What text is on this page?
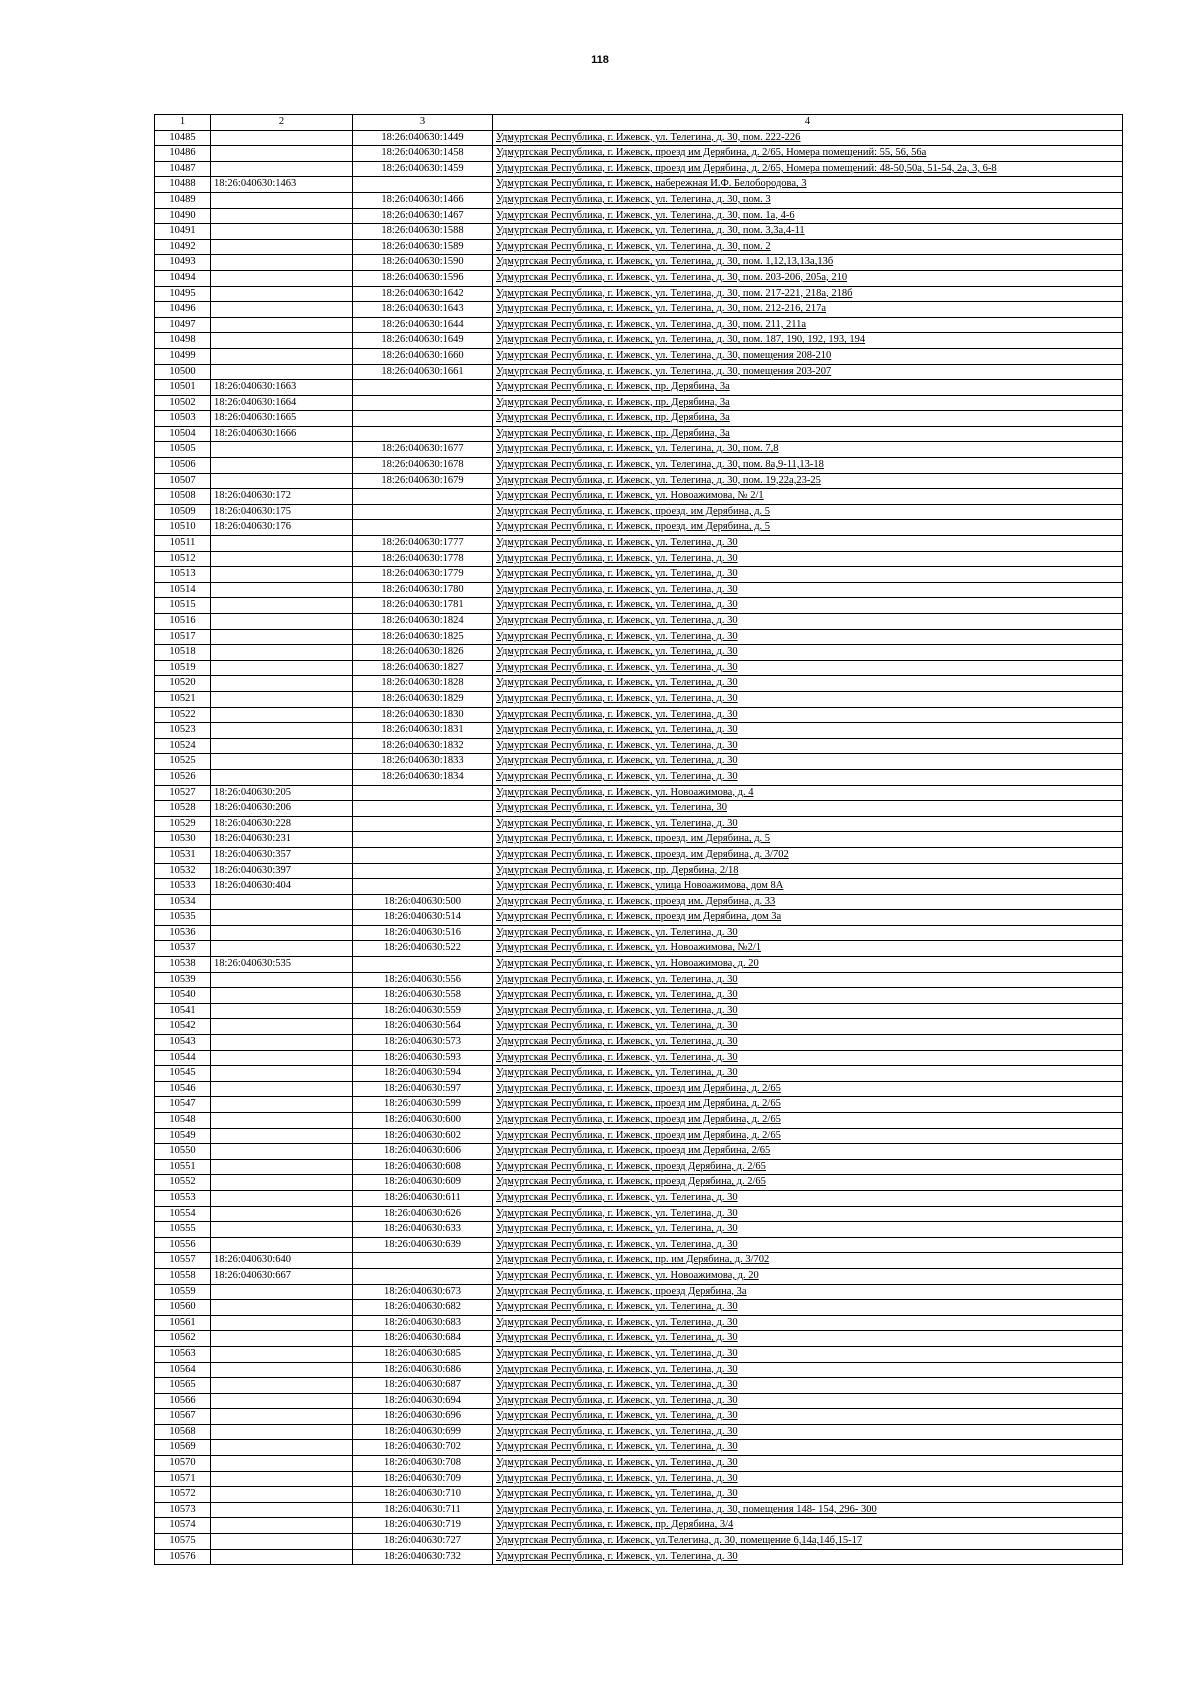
118
1	2	3	4
10485		18:26:040630:1449	Удмуртская Республика, г. Ижевск, ул. Телегина, д. 30, пом. 222-226
10486		18:26:040630:1458	Удмуртская Республика, г. Ижевск, проезд им Дерябина, д. 2/65, Номера помещений: 55, 56, 56а
10487		18:26:040630:1459	Удмуртская Республика, г. Ижевск, проезд им Дерябина, д. 2/65, Номера помещений: 48-50,50а, 51-54, 2а, 3, 6-8
10488	18:26:040630:1463		Удмуртская Республика, г. Ижевск, набережная И.Ф. Белобородова, 3
10489		18:26:040630:1466	Удмуртская Республика, г. Ижевск, ул. Телегина, д. 30, пом. 3
10490		18:26:040630:1467	Удмуртская Республика, г. Ижевск, ул. Телегина, д. 30, пом. 1а, 4-6
10491		18:26:040630:1588	Удмуртская Республика, г. Ижевск, ул. Телегина, д. 30, пом. 3,3а,4-11
10492		18:26:040630:1589	Удмуртская Республика, г. Ижевск, ул. Телегина, д. 30, пом. 2
10493		18:26:040630:1590	Удмуртская Республика, г. Ижевск, ул. Телегина, д. 30, пом. 1,12,13,13а,13б
10494		18:26:040630:1596	Удмуртская Республика, г. Ижевск, ул. Телегина, д. 30, пом. 203-206, 205а, 210
10495		18:26:040630:1642	Удмуртская Республика, г. Ижевск, ул. Телегина, д. 30, пом. 217-221, 218а, 218б
10496		18:26:040630:1643	Удмуртская Республика, г. Ижевск, ул. Телегина, д. 30, пом. 212-216, 217а
10497		18:26:040630:1644	Удмуртская Республика, г. Ижевск, ул. Телегина, д. 30, пом. 211, 211а
10498		18:26:040630:1649	Удмуртская Республика, г. Ижевск, ул. Телегина, д. 30, пом. 187, 190, 192, 193, 194
10499		18:26:040630:1660	Удмуртская Республика, г. Ижевск, ул. Телегина, д. 30, помещения 208-210
10500		18:26:040630:1661	Удмуртская Республика, г. Ижевск, ул. Телегина, д. 30, помещения 203-207
10501	18:26:040630:1663		Удмуртская Республика, г. Ижевск, пр. Дерябина, 3а
10502	18:26:040630:1664		Удмуртская Республика, г. Ижевск, пр. Дерябина, 3а
10503	18:26:040630:1665		Удмуртская Республика, г. Ижевск, пр. Дерябина, 3а
10504	18:26:040630:1666		Удмуртская Республика, г. Ижевск, пр. Дерябина, 3а
10505		18:26:040630:1677	Удмуртская Республика, г. Ижевск, ул. Телегина, д. 30, пом. 7,8
10506		18:26:040630:1678	Удмуртская Республика, г. Ижевск, ул. Телегина, д. 30, пом. 8а,9-11,13-18
10507		18:26:040630:1679	Удмуртская Республика, г. Ижевск, ул. Телегина, д. 30, пом. 19,22а,23-25
10508	18:26:040630:172		Удмуртская Республика, г. Ижевск, ул. Новоажимова, № 2/1
10509	18:26:040630:175		Удмуртская Республика, г. Ижевск, проезд. им Дерябина, д. 5
10510	18:26:040630:176		Удмуртская Республика, г. Ижевск, проезд. им Дерябина, д. 5
10511		18:26:040630:1777	Удмуртская Республика, г. Ижевск, ул. Телегина, д. 30
10512		18:26:040630:1778	Удмуртская Республика, г. Ижевск, ул. Телегина, д. 30
10513		18:26:040630:1779	Удмуртская Республика, г. Ижевск, ул. Телегина, д. 30
10514		18:26:040630:1780	Удмуртская Республика, г. Ижевск, ул. Телегина, д. 30
10515		18:26:040630:1781	Удмуртская Республика, г. Ижевск, ул. Телегина, д. 30
10516		18:26:040630:1824	Удмуртская Республика, г. Ижевск, ул. Телегина, д. 30
10517		18:26:040630:1825	Удмуртская Республика, г. Ижевск, ул. Телегина, д. 30
10518		18:26:040630:1826	Удмуртская Республика, г. Ижевск, ул. Телегина, д. 30
10519		18:26:040630:1827	Удмуртская Республика, г. Ижевск, ул. Телегина, д. 30
10520		18:26:040630:1828	Удмуртская Республика, г. Ижевск, ул. Телегина, д. 30
10521		18:26:040630:1829	Удмуртская Республика, г. Ижевск, ул. Телегина, д. 30
10522		18:26:040630:1830	Удмуртская Республика, г. Ижевск, ул. Телегина, д. 30
10523		18:26:040630:1831	Удмуртская Республика, г. Ижевск, ул. Телегина, д. 30
10524		18:26:040630:1832	Удмуртская Республика, г. Ижевск, ул. Телегина, д. 30
10525		18:26:040630:1833	Удмуртская Республика, г. Ижевск, ул. Телегина, д. 30
10526		18:26:040630:1834	Удмуртская Республика, г. Ижевск, ул. Телегина, д. 30
10527	18:26:040630:205		Удмуртская Республика, г. Ижевск, ул. Новоажимова, д. 4
10528	18:26:040630:206		Удмуртская Республика, г. Ижевск, ул. Телегина, 30
10529	18:26:040630:228		Удмуртская Республика, г. Ижевск, ул. Телегина, д. 30
10530	18:26:040630:231		Удмуртская Республика, г. Ижевск, проезд. им Дерябина, д. 5
10531	18:26:040630:357		Удмуртская Республика, г. Ижевск, проезд. им Дерябина, д. 3/702
10532	18:26:040630:397		Удмуртская Республика, г. Ижевск, пр. Дерябина, 2/18
10533	18:26:040630:404		Удмуртская Республика, г. Ижевск, улица Новоажимова, дом 8А
10534		18:26:040630:500	Удмуртская Республика, г. Ижевск, проезд им. Дерябина, д. 33
10535		18:26:040630:514	Удмуртская Республика, г. Ижевск, проезд им Дерябина, дом 3а
10536		18:26:040630:516	Удмуртская Республика, г. Ижевск, ул. Телегина, д. 30
10537		18:26:040630:522	Удмуртская Республика, г. Ижевск, ул. Новоажимова, №2/1
10538	18:26:040630:535		Удмуртская Республика, г. Ижевск, ул. Новоажимова, д. 20
10539		18:26:040630:556	Удмуртская Республика, г. Ижевск, ул. Телегина, д. 30
10540		18:26:040630:558	Удмуртская Республика, г. Ижевск, ул. Телегина, д. 30
10541		18:26:040630:559	Удмуртская Республика, г. Ижевск, ул. Телегина, д. 30
10542		18:26:040630:564	Удмуртская Республика, г. Ижевск, ул. Телегина, д. 30
10543		18:26:040630:573	Удмуртская Республика, г. Ижевск, ул. Телегина, д. 30
10544		18:26:040630:593	Удмуртская Республика, г. Ижевск, ул. Телегина, д. 30
10545		18:26:040630:594	Удмуртская Республика, г. Ижевск, ул. Телегина, д. 30
10546		18:26:040630:597	Удмуртская Республика, г. Ижевск, проезд им Дерябина, д. 2/65
10547		18:26:040630:599	Удмуртская Республика, г. Ижевск, проезд им Дерябина, д. 2/65
10548		18:26:040630:600	Удмуртская Республика, г. Ижевск, проезд им Дерябина, д. 2/65
10549		18:26:040630:602	Удмуртская Республика, г. Ижевск, проезд им Дерябина, д. 2/65
10550		18:26:040630:606	Удмуртская Республика, г. Ижевск, проезд им Дерябина, 2/65
10551		18:26:040630:608	Удмуртская Республика, г. Ижевск, проезд Дерябина, д. 2/65
10552		18:26:040630:609	Удмуртская Республика, г. Ижевск, проезд Дерябина, д. 2/65
10553		18:26:040630:611	Удмуртская Республика, г. Ижевск, ул. Телегина, д. 30
10554		18:26:040630:626	Удмуртская Республика, г. Ижевск, ул. Телегина, д. 30
10555		18:26:040630:633	Удмуртская Республика, г. Ижевск, ул. Телегина, д. 30
10556		18:26:040630:639	Удмуртская Республика, г. Ижевск, ул. Телегина, д. 30
10557	18:26:040630:640		Удмуртская Республика, г. Ижевск, пр. им Дерябина, д. 3/702
10558	18:26:040630:667		Удмуртская Республика, г. Ижевск, ул. Новоажимова, д. 20
10559		18:26:040630:673	Удмуртская Республика, г. Ижевск, проезд Дерябина, 3а
10560		18:26:040630:682	Удмуртская Республика, г. Ижевск, ул. Телегина, д. 30
10561		18:26:040630:683	Удмуртская Республика, г. Ижевск, ул. Телегина, д. 30
10562		18:26:040630:684	Удмуртская Республика, г. Ижевск, ул. Телегина, д. 30
10563		18:26:040630:685	Удмуртская Республика, г. Ижевск, ул. Телегина, д. 30
10564		18:26:040630:686	Удмуртская Республика, г. Ижевск, ул. Телегина, д. 30
10565		18:26:040630:687	Удмуртская Республика, г. Ижевск, ул. Телегина, д. 30
10566		18:26:040630:694	Удмуртская Республика, г. Ижевск, ул. Телегина, д. 30
10567		18:26:040630:696	Удмуртская Республика, г. Ижевск, ул. Телегина, д. 30
10568		18:26:040630:699	Удмуртская Республика, г. Ижевск, ул. Телегина, д. 30
10569		18:26:040630:702	Удмуртская Республика, г. Ижевск, ул. Телегина, д. 30
10570		18:26:040630:708	Удмуртская Республика, г. Ижевск, ул. Телегина, д. 30
10571		18:26:040630:709	Удмуртская Республика, г. Ижевск, ул. Телегина, д. 30
10572		18:26:040630:710	Удмуртская Республика, г. Ижевск, ул. Телегина, д. 30
10573		18:26:040630:711	Удмуртская Республика, г. Ижевск, ул. Телегина, д. 30, помещения 148- 154, 296- 300
10574		18:26:040630:719	Удмуртская Республика, г. Ижевск, пр. Дерябина, 3/4
10575		18:26:040630:727	Удмуртская Республика, г. Ижевск, ул.Телегина, д. 30, помещение 6,14а,14б,15-17
10576		18:26:040630:732	Удмуртская Республика, г. Ижевск, ул. Телегина, д. 30
